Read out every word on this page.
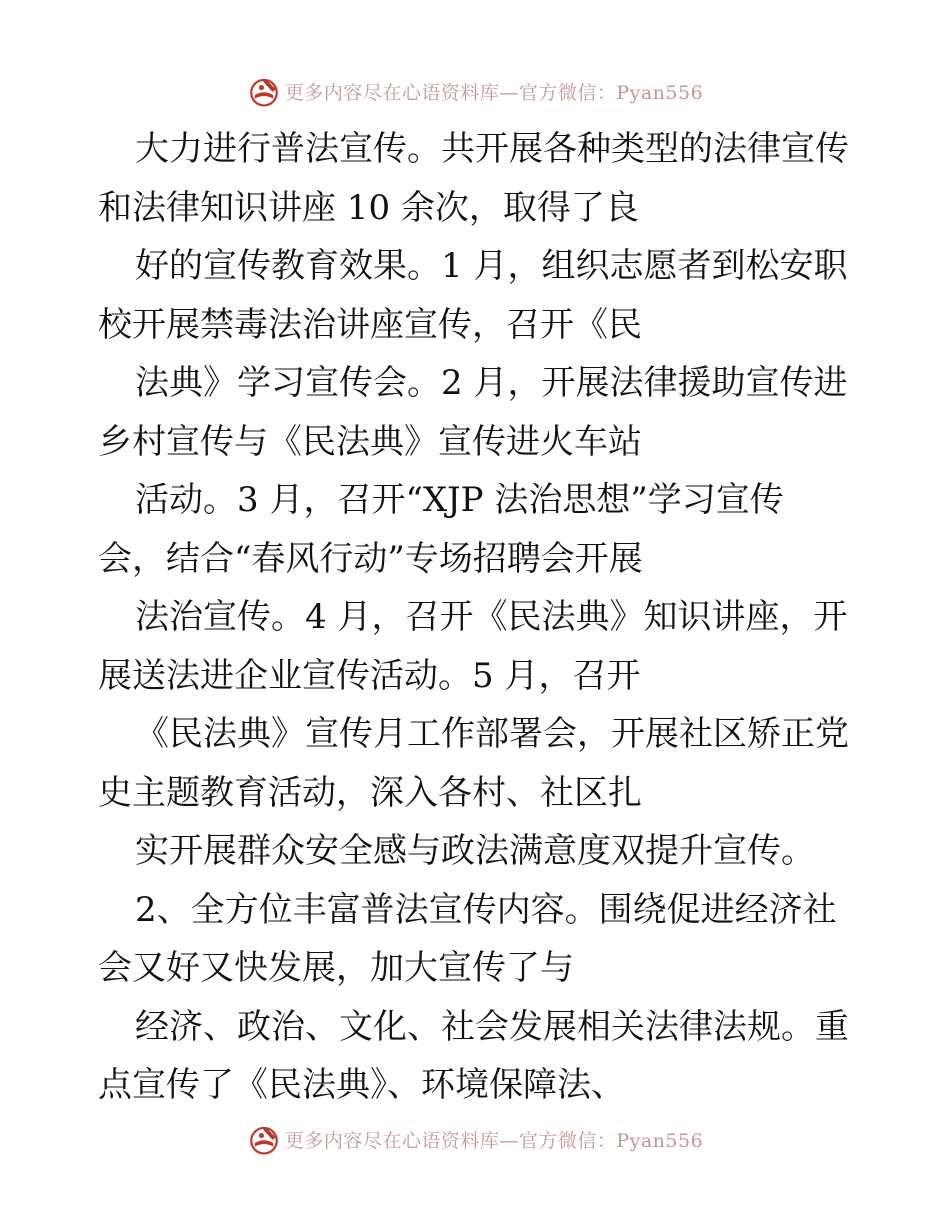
更多内容尽在心语资料库—官方微信：Pyan556
大力进行普法宣传。共开展各种类型的法律宣传
和法律知识讲座 10 余次，取得了良
好的宣传教育效果。1 月，组织志愿者到松安职
校开展禁毒法治讲座宣传，召开《民
法典》学习宣传会。2 月，开展法律援助宣传进
乡村宣传与《民法典》宣传进火车站
活动。3 月，召开“XJP 法治思想”学习宣传
会，结合“春风行动”专场招聘会开展
法治宣传。4 月，召开《民法典》知识讲座，开
展送法进企业宣传活动。5 月，召开
《民法典》宣传月工作部署会，开展社区矫正党
史主题教育活动，深入各村、社区扎
实开展群众安全感与政法满意度双提升宣传。
2、全方位丰富普法宣传内容。围绕促进经济社
会又好又快发展，加大宣传了与
经济、政治、文化、社会发展相关法律法规。重
点宣传了《民法典》、环境保障法、
更多内容尽在心语资料库—官方微信：Pyan556
